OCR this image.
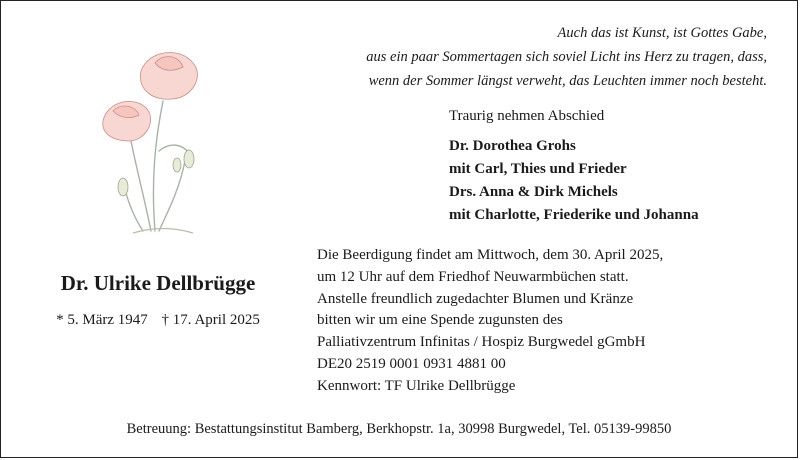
Auch das ist Kunst, ist Gottes Gabe,
aus ein paar Sommertagen sich soviel Licht ins Herz zu tragen, dass,
wenn der Sommer längst verweht, das Leuchten immer noch besteht.
Traurig nehmen Abschied
Dr. Dorothea Grohs
mit Carl, Thies und Frieder
Drs. Anna & Dirk Michels
mit Charlotte, Friederike und Johanna
Dr. Ulrike Dellbrügge
* 5. März 1947 † 17. April 2025
Die Beerdigung findet am Mittwoch, dem 30. April 2025,
um 12 Uhr auf dem Friedhof Neuwarmbüchen statt.
Anstelle freundlich zugedachter Blumen und Kränze
bitten wir um eine Spende zugunsten des
Palliativzentrum Infinitas / Hospiz Burgwedel gGmbH
DE20 2519 0001 0931 4881 00
Kennwort: TF Ulrike Dellbrügge
Betreuung: Bestattungsinstitut Bamberg, Berkhopstr. 1a, 30998 Burgwedel, Tel. 05139-99850
